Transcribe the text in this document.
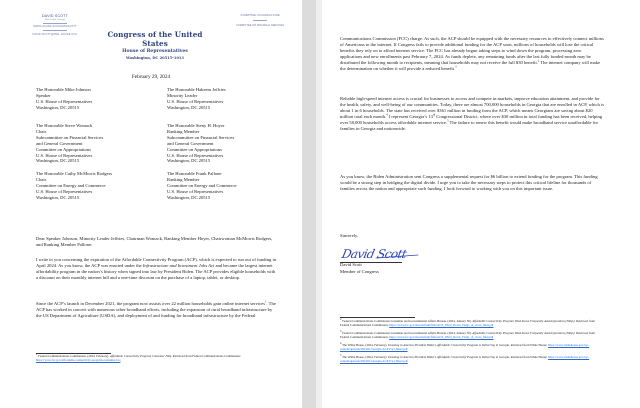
DAVID SCOTT
13th District, Georgia
WWW.HOUSE.GOV/DAVIDSCOTT
DAVID.SCOTT@MAIL.HOUSE.GOV	Congress of the United States
House of Representatives
Washington, DC 20515–1013
COMMITTEE ON AGRICULTURE
COMMITTEE ON FINANCIAL SERVICES
February 29, 2024
The Honorable Mike Johnson
Speaker
U.S. House of Representatives
Washington, DC 20515
The Honorable Hakeem Jeffries
Minority Leader
U.S. House of Representatives
Washington, DC 20515
The Honorable Steve Womack
Chair
Subcommittee on Financial Services
and General Government
Committee on Appropriations
U.S. House of Representatives
Washington, DC 20515
The Honorable Steny H. Hoyer
Ranking Member
Subcommittee on Financial Services
and General Government
Committee on Appropriations
U.S. House of Representatives
Washington, DC 20515
The Honorable Cathy McMorris Rodgers
Chair
Committee on Energy and Commerce
U.S. House of Representatives
Washington, DC 20515
The Honorable Frank Pallone
Ranking Member
Committee on Energy and Commerce
U.S. House of Representatives
Washington, DC 20515
Dear Speaker Johnson, Minority Leader Jeffries, Chairman Womack, Ranking Member Hoyer, Chairwoman McMorris Rodgers, and Ranking Member Pallone:
I write to you concerning the expiration of the Affordable Connectivity Program (ACP), which is expected to run out of funding in April 2024. As you know, the ACP was enacted under the Infrastructure and Investment Jobs Act and became the largest internet affordability program in the nation’s history when signed into law by President Biden. The ACP provides eligible households with a discount on their monthly internet bill and a one-time discount on the purchase of a laptop, tablet, or desktop.
Since the ACP’s launch in December 2021, the program now assists over 22 million households gain online internet services$^1$. The ACP has worked in concert with numerous other broadband efforts, including the expansion of rural broadband infrastructure by the US Department of Agriculture (USDA), and deployment of and funding for broadband infrastructure by the Federal
$^1$ Federal Communications Commission. (2024, February). Affordable Connectivity Program Consumer FAQ. Retrieved from Federal Communications Commission: https://www.fcc.gov/affordable-connectivity-program-consumer-faq
Communications Commission (FCC) charge. As such, the ACP should be equipped with the necessary resources to effectively connect millions of Americans to the internet. If Congress fails to provide additional funding for the ACP soon, millions of households will lose the critical benefits they rely on to afford internet service. The FCC has already begun taking steps to wind down the program, processing zero applications and new enrollments past February 7, 2024. As funds deplete, any remaining funds after the last fully funded month may be distributed the following month to recipients, meaning that households may not receive the full $30 benefit.$^2$ The internet company will make the determination on whether it will provide a reduced benefit.$^3$
Reliable high-speed internet access is crucial for businesses to access and compete in markets, improve education attainment, and provide for the health, safety, and well-being of our communities. Today, there are almost 700,000 households in Georgia that are enrolled in ACP, which is about 1 in 6 households. The state has received over $361 million in funding from the ACP, which means Georgians are saving about $20 million total each month.$^4$ I represent Georgia’s 13th Congressional District, where over $30 million in total funding has been received, helping over 58,000 households access affordable internet service.$^5$ The failure to renew this benefit would make broadband service unaffordable for families in Georgia and nationwide.
As you know, the Biden Administration sent Congress a supplemental request for $6 billion to extend funding for the program. This funding would be a strong step in bridging the digital divide. I urge you to take the necessary steps to protect this critical lifeline for thousands of families across the nation and appropriate such funding. I look forward to working with you on this important issue.
Sincerely,
David Scott
David Scott
Member of Congress
$^2$ Federal Communications Commission Consumer and Governmental Affairs Bureau. (2024, January 30). Affordable Connectivity Program Wind-Down Frequently Asked Questions (FAQs). Retrieved from Federal Communications Commission: https://www.fcc.gov/sites/default/files/ACP_Wind_Down_FAQs_of_close_final.pdf
$^3$ Federal Communications Commission Consumer and Governmental Affairs Bureau. (2024, January 30). Affordable Connectivity Program Wind-Down Frequently Asked Questions (FAQs). Retrieved from Federal Communications Commission: https://www.fcc.gov/sites/default/files/ACP_Wind_Down_FAQs_of_close_final.pdf
$^4$ The White House. (2024, February). Investing in America President Biden's Affordable Connectivity Program is Delivering in Georgia. Retrieved from White House: https://www.whitehouse.gov/wp-content/uploads/2024/01/Georgia-ACP-Fact-Sheet.pdf
$^5$ The White House. (2024, February). Investing in America President Biden's Affordable Connectivity Program is Delivering in Georgia. Retrieved from White House: https://www.whitehouse.gov/wp-content/uploads/2024/01/Georgia-ACP-Fact-Sheet.pdf
